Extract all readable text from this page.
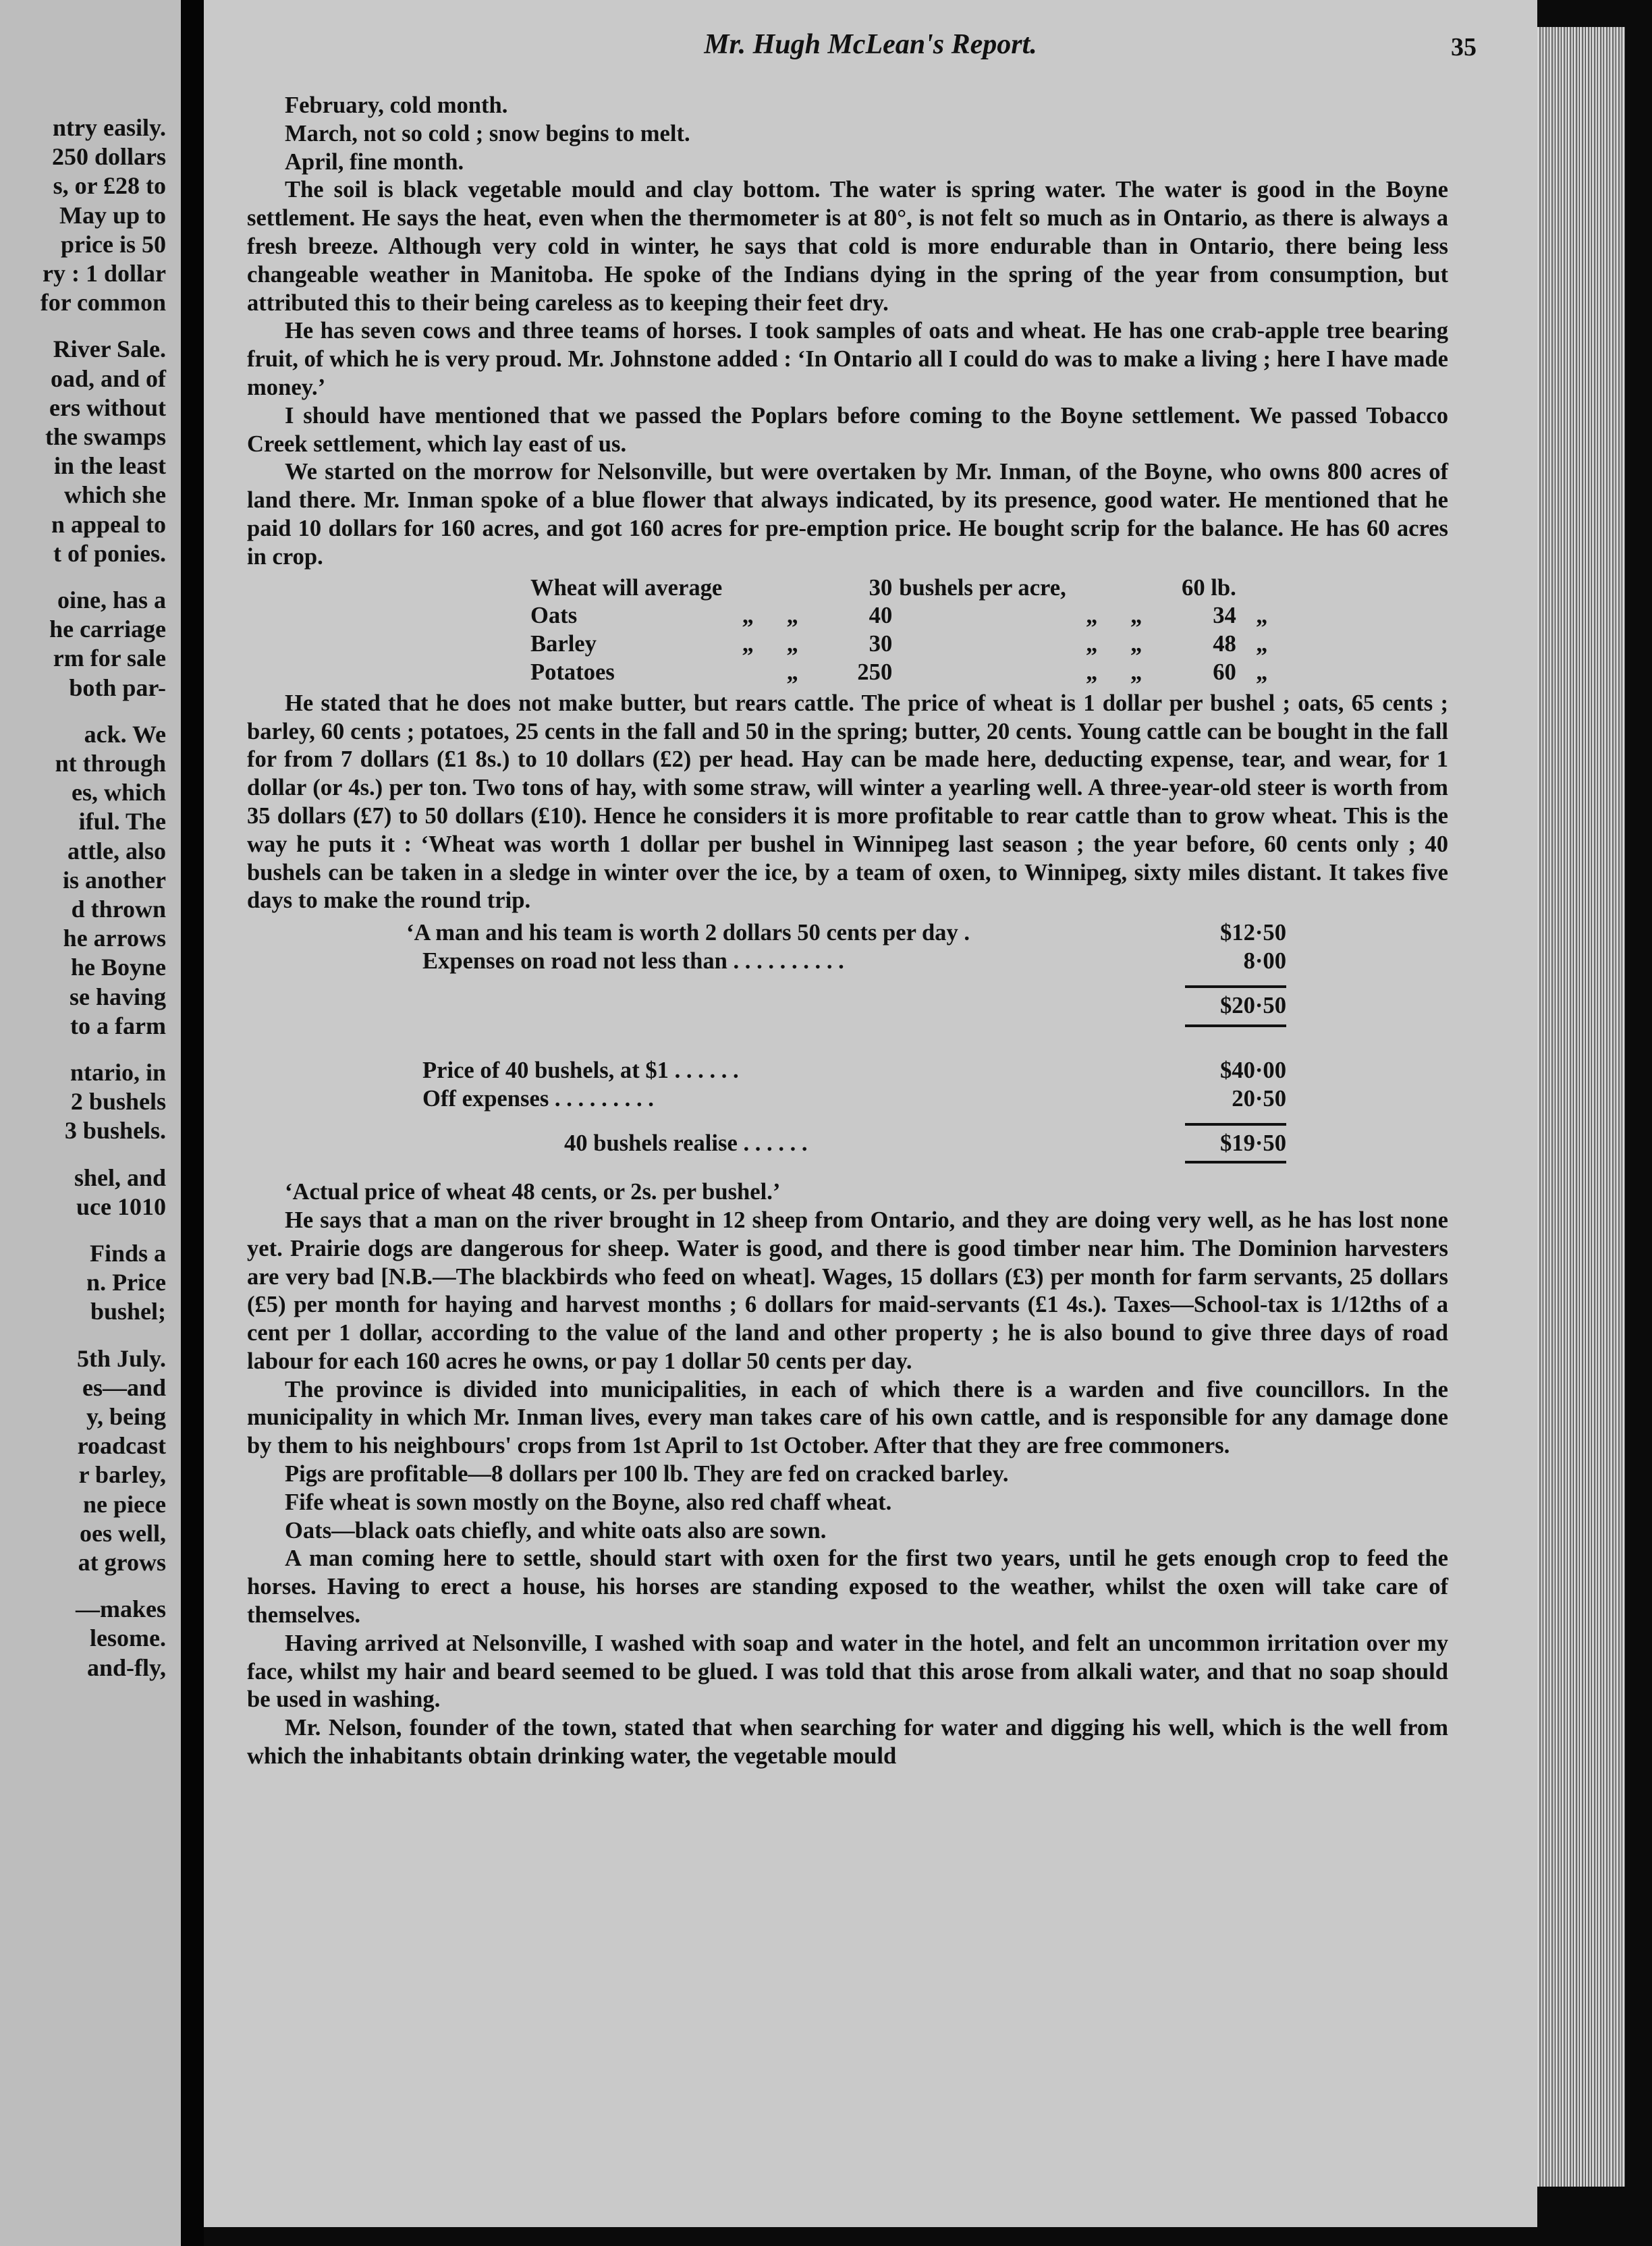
ntry easily.
250 dollars
s, or £28 to
May up to
price is 50
ry : 1 dollar
for common
River Sale.
oad, and of
ers without
the swamps
in the least
which she
n appeal to
t of ponies.
oine, has a
he carriage
rm for sale
both par-
ack. We
nt through
es, which
iful. The
attle, also
is another
d thrown
he arrows
he Boyne
se having
to a farm
ntario, in
2 bushels
3 bushels.
shel, and
uce 1010
Finds a
n. Price
bushel;
5th July.
es—and
y, being
roadcast
r barley,
ne piece
oes well,
at grows
—makes
lesome.
and-fly,
Mr. Hugh McLean's Report.	35

February, cold month.

March, not so cold ; snow begins to melt.

April, fine month.

The soil is black vegetable mould and clay bottom. The water is spring water. The water is good in the Boyne settlement. He says the heat, even when the thermometer is at 80°, is not felt so much as in Ontario, as there is always a fresh breeze. Although very cold in winter, he says that cold is more endurable than in Ontario, there being less changeable weather in Manitoba. He spoke of the Indians dying in the spring of the year from consumption, but attributed this to their being careless as to keeping their feet dry.

He has seven cows and three teams of horses. I took samples of oats and wheat. He has one crab-apple tree bearing fruit, of which he is very proud. Mr. Johnstone added : ‘In Ontario all I could do was to make a living ; here I have made money.’

I should have mentioned that we passed the Poplars before coming to the Boyne settlement. We passed Tobacco Creek settlement, which lay east of us.

We started on the morrow for Nelsonville, but were overtaken by Mr. Inman, of the Boyne, who owns 800 acres of land there. Mr. Inman spoke of a blue flower that always indicated, by its presence, good water. He mentioned that he paid 10 dollars for 160 acres, and got 160 acres for pre-emption price. He bought scrip for the balance. He has 60 acres in crop.

Wheat will average			30	bushels per acre,			60 lb.	
Oats	„	„	40		„	„	34	„
Barley	„	„	30		„	„	48	„
Potatoes		„	250		„	„	60	„

He stated that he does not make butter, but rears cattle. The price of wheat is 1 dollar per bushel ; oats, 65 cents ; barley, 60 cents ; potatoes, 25 cents in the fall and 50 in the spring; butter, 20 cents. Young cattle can be bought in the fall for from 7 dollars (£1 8s.) to 10 dollars (£2) per head. Hay can be made here, deducting expense, tear, and wear, for 1 dollar (or 4s.) per ton. Two tons of hay, with some straw, will winter a yearling well. A three-year-old steer is worth from 35 dollars (£7) to 50 dollars (£10). Hence he considers it is more profitable to rear cattle than to grow wheat. This is the way he puts it : ‘Wheat was worth 1 dollar per bushel in Winnipeg last season ; the year before, 60 cents only ; 40 bushels can be taken in a sledge in winter over the ice, by a team of oxen, to Winnipeg, sixty miles distant. It takes five days to make the round trip.

‘A man and his team is worth 2 dollars 50 cents per day .	$12·50
Expenses on road not less than . . . . . . . . . .	8·00
$20·50
Price of 40 bushels, at $1 . . . . . .	$40·00
Off expenses . . . . . . . . .	20·50
40 bushels realise . . . . . .	$19·50

‘Actual price of wheat 48 cents, or 2s. per bushel.’

He says that a man on the river brought in 12 sheep from Ontario, and they are doing very well, as he has lost none yet. Prairie dogs are dangerous for sheep. Water is good, and there is good timber near him. The Dominion harvesters are very bad [N.B.—The blackbirds who feed on wheat]. Wages, 15 dollars (£3) per month for farm servants, 25 dollars (£5) per month for haying and harvest months ; 6 dollars for maid-servants (£1 4s.). Taxes—School-tax is 1/12ths of a cent per 1 dollar, according to the value of the land and other property ; he is also bound to give three days of road labour for each 160 acres he owns, or pay 1 dollar 50 cents per day.

The province is divided into municipalities, in each of which there is a warden and five councillors. In the municipality in which Mr. Inman lives, every man takes care of his own cattle, and is responsible for any damage done by them to his neighbours' crops from 1st April to 1st October. After that they are free commoners.

Pigs are profitable—8 dollars per 100 lb. They are fed on cracked barley.

Fife wheat is sown mostly on the Boyne, also red chaff wheat.

Oats—black oats chiefly, and white oats also are sown.

A man coming here to settle, should start with oxen for the first two years, until he gets enough crop to feed the horses. Having to erect a house, his horses are standing exposed to the weather, whilst the oxen will take care of themselves.

Having arrived at Nelsonville, I washed with soap and water in the hotel, and felt an uncommon irritation over my face, whilst my hair and beard seemed to be glued. I was told that this arose from alkali water, and that no soap should be used in washing.

Mr. Nelson, founder of the town, stated that when searching for water and digging his well, which is the well from which the inhabitants obtain drinking water, the vegetable mould
